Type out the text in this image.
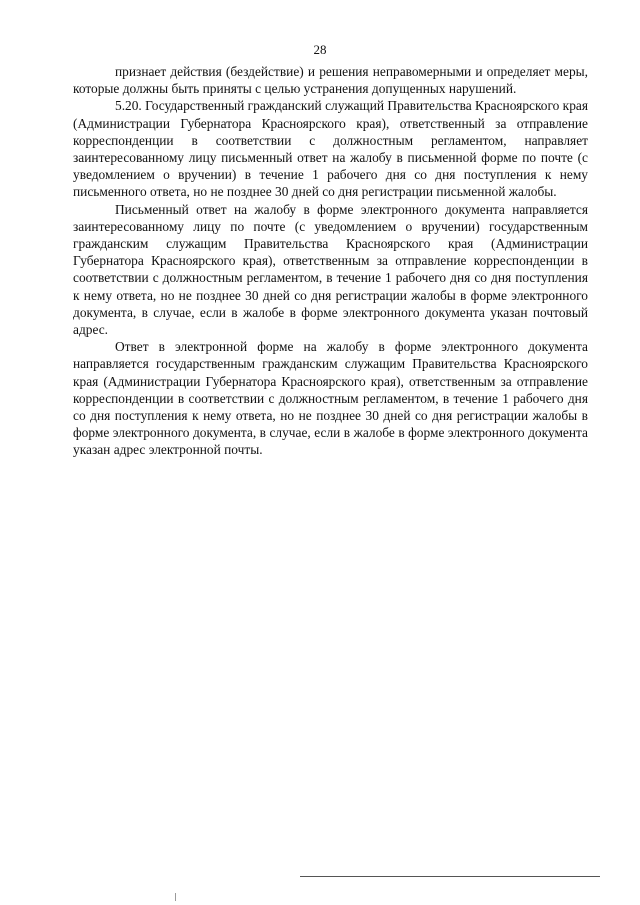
28

признает действия (бездействие) и решения неправомерными и определяет меры, которые должны быть приняты с целью устранения допущенных нарушений.

5.20. Государственный гражданский служащий Правительства Красноярского края (Администрации Губернатора Красноярского края), ответственный за отправление корреспонденции в соответствии с должностным регламентом, направляет заинтересованному лицу письменный ответ на жалобу в письменной форме по почте (с уведомлением о вручении) в течение 1 рабочего дня со дня поступления к нему письменного ответа, но не позднее 30 дней со дня регистрации письменной жалобы.

Письменный ответ на жалобу в форме электронного документа направляется заинтересованному лицу по почте (с уведомлением о вручении) государственным гражданским служащим Правительства Красноярского края (Администрации Губернатора Красноярского края), ответственным за отправление корреспонденции в соответствии с должностным регламентом, в течение 1 рабочего дня со дня поступления к нему ответа, но не позднее 30 дней со дня регистрации жалобы в форме электронного документа, в случае, если в жалобе в форме электронного документа указан почтовый адрес.

Ответ в электронной форме на жалобу в форме электронного документа направляется государственным гражданским служащим Правительства Красноярского края (Администрации Губернатора Красноярского края), ответственным за отправление корреспонденции в соответствии с должностным регламентом, в течение 1 рабочего дня со дня поступления к нему ответа, но не позднее 30 дней со дня регистрации жалобы в форме электронного документа, в случае, если в жалобе в форме электронного документа указан адрес электронной почты.
